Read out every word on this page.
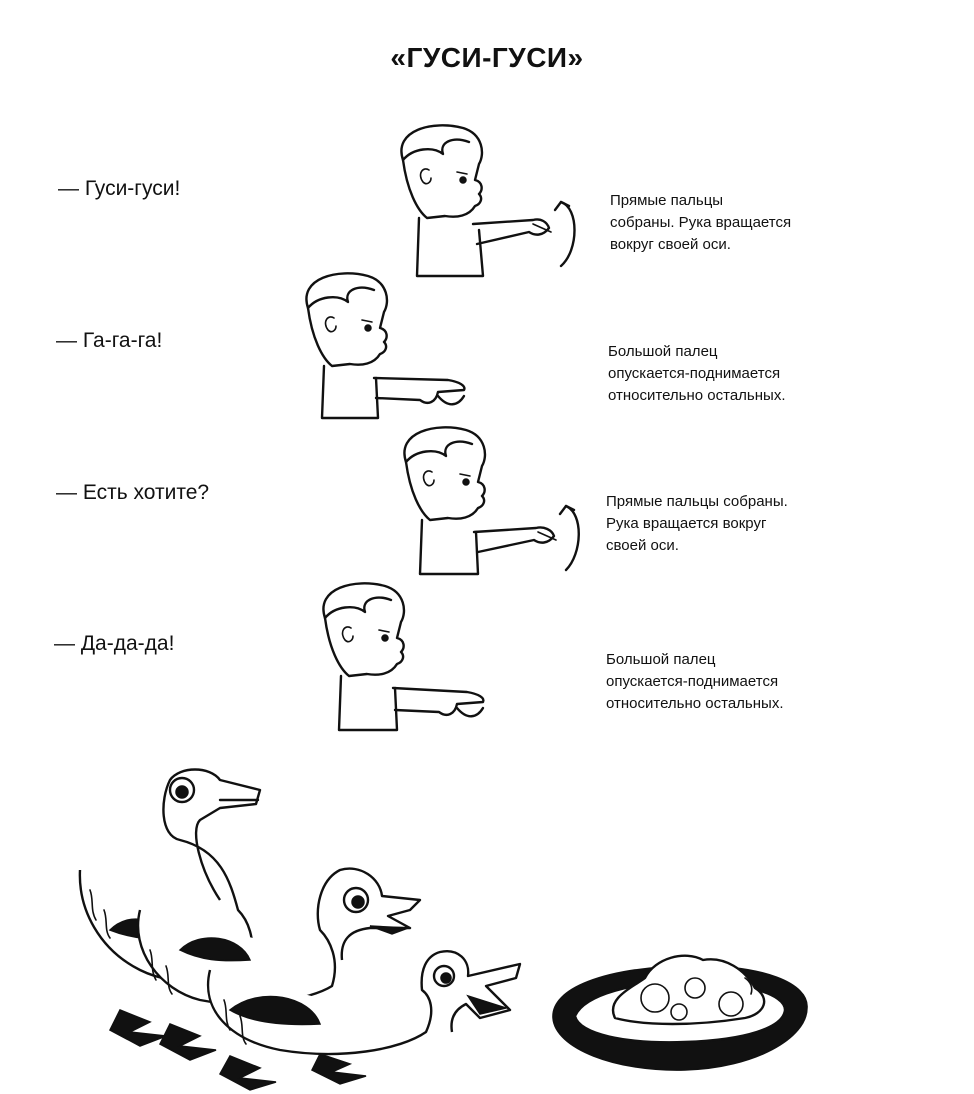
«ГУСИ-ГУСИ»
— Гуси-гуси!
Прямые пальцы
собраны. Рука вращается
вокруг своей оси.
— Га-га-га!	Большой палец
опускается-поднимается
относительно остальных.
— Есть хотите?	Прямые пальцы собраны.
Рука вращается вокруг
своей оси.
— Да-да-да!
Большой палец
опускается-поднимается
относительно остальных.
